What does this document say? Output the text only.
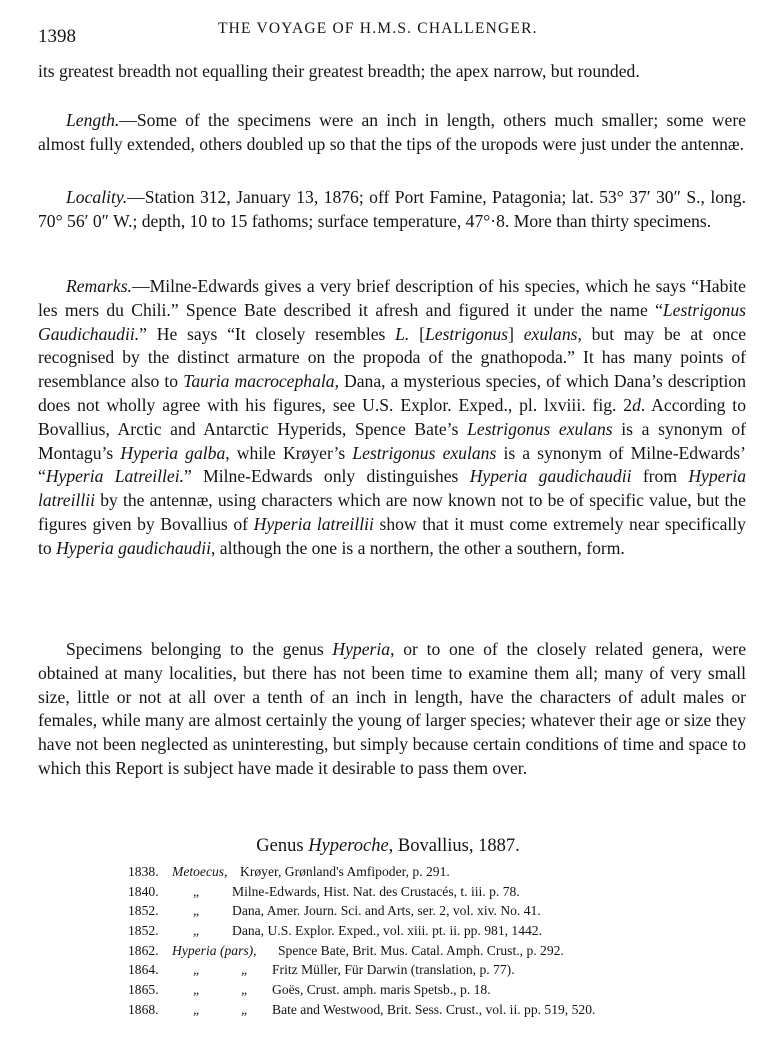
1398	THE VOYAGE OF H.M.S. CHALLENGER.

its greatest breadth not equalling their greatest breadth; the apex narrow, but rounded.

Length.—Some of the specimens were an inch in length, others much smaller; some were almost fully extended, others doubled up so that the tips of the uropods were just under the antennæ.

Locality.—Station 312, January 13, 1876; off Port Famine, Patagonia; lat. 53° 37′ 30″ S., long. 70° 56′ 0″ W.; depth, 10 to 15 fathoms; surface temperature, 47°·8. More than thirty specimens.

Remarks.—Milne-Edwards gives a very brief description of his species, which he says “Habite les mers du Chili.” Spence Bate described it afresh and figured it under the name “Lestrigonus Gaudichaudii.” He says “It closely resembles L. [Lestrigonus] exulans, but may be at once recognised by the distinct armature on the propoda of the gnathopoda.” It has many points of resemblance also to Tauria macrocephala, Dana, a mysterious species, of which Dana’s description does not wholly agree with his figures, see U.S. Explor. Exped., pl. lxviii. fig. 2d. According to Bovallius, Arctic and Antarctic Hyperids, Spence Bate’s Lestrigonus exulans is a synonym of Montagu’s Hyperia galba, while Krøyer’s Lestrigonus exulans is a synonym of Milne-Edwards’ “Hyperia Latreillei.” Milne-Edwards only distinguishes Hyperia gaudichaudii from Hyperia latreillii by the antennæ, using characters which are now known not to be of specific value, but the figures given by Bovallius of Hyperia latreillii show that it must come extremely near specifically to Hyperia gaudichaudii, although the one is a northern, the other a southern, form.

Specimens belonging to the genus Hyperia, or to one of the closely related genera, were obtained at many localities, but there has not been time to examine them all; many of very small size, little or not at all over a tenth of an inch in length, have the characters of adult males or females, while many are almost certainly the young of larger species; whatever their age or size they have not been neglected as uninteresting, but simply because certain conditions of time and space to which this Report is subject have made it desirable to pass them over.

Genus Hyperoche, Bovallius, 1887.
1838. Metoecus, Krøyer, Grønland's Amfipoder, p. 291.
1840.	„ Milne-Edwards, Hist. Nat. des Crustacés, t. iii. p. 78.
1852.	„ Dana, Amer. Journ. Sci. and Arts, ser. 2, vol. xiv. No. 41.
1852.	„ Dana, U.S. Explor. Exped., vol. xiii. pt. ii. pp. 981, 1442.
1862. Hyperia (pars), Spence Bate, Brit. Mus. Catal. Amph. Crust., p. 292.
1864.	„	„ Fritz Müller, Für Darwin (translation, p. 77).
1865.	„	„ Goës, Crust. amph. maris Spetsb., p. 18.
1868.	„	„ Bate and Westwood, Brit. Sess. Crust., vol. ii. pp. 519, 520.
